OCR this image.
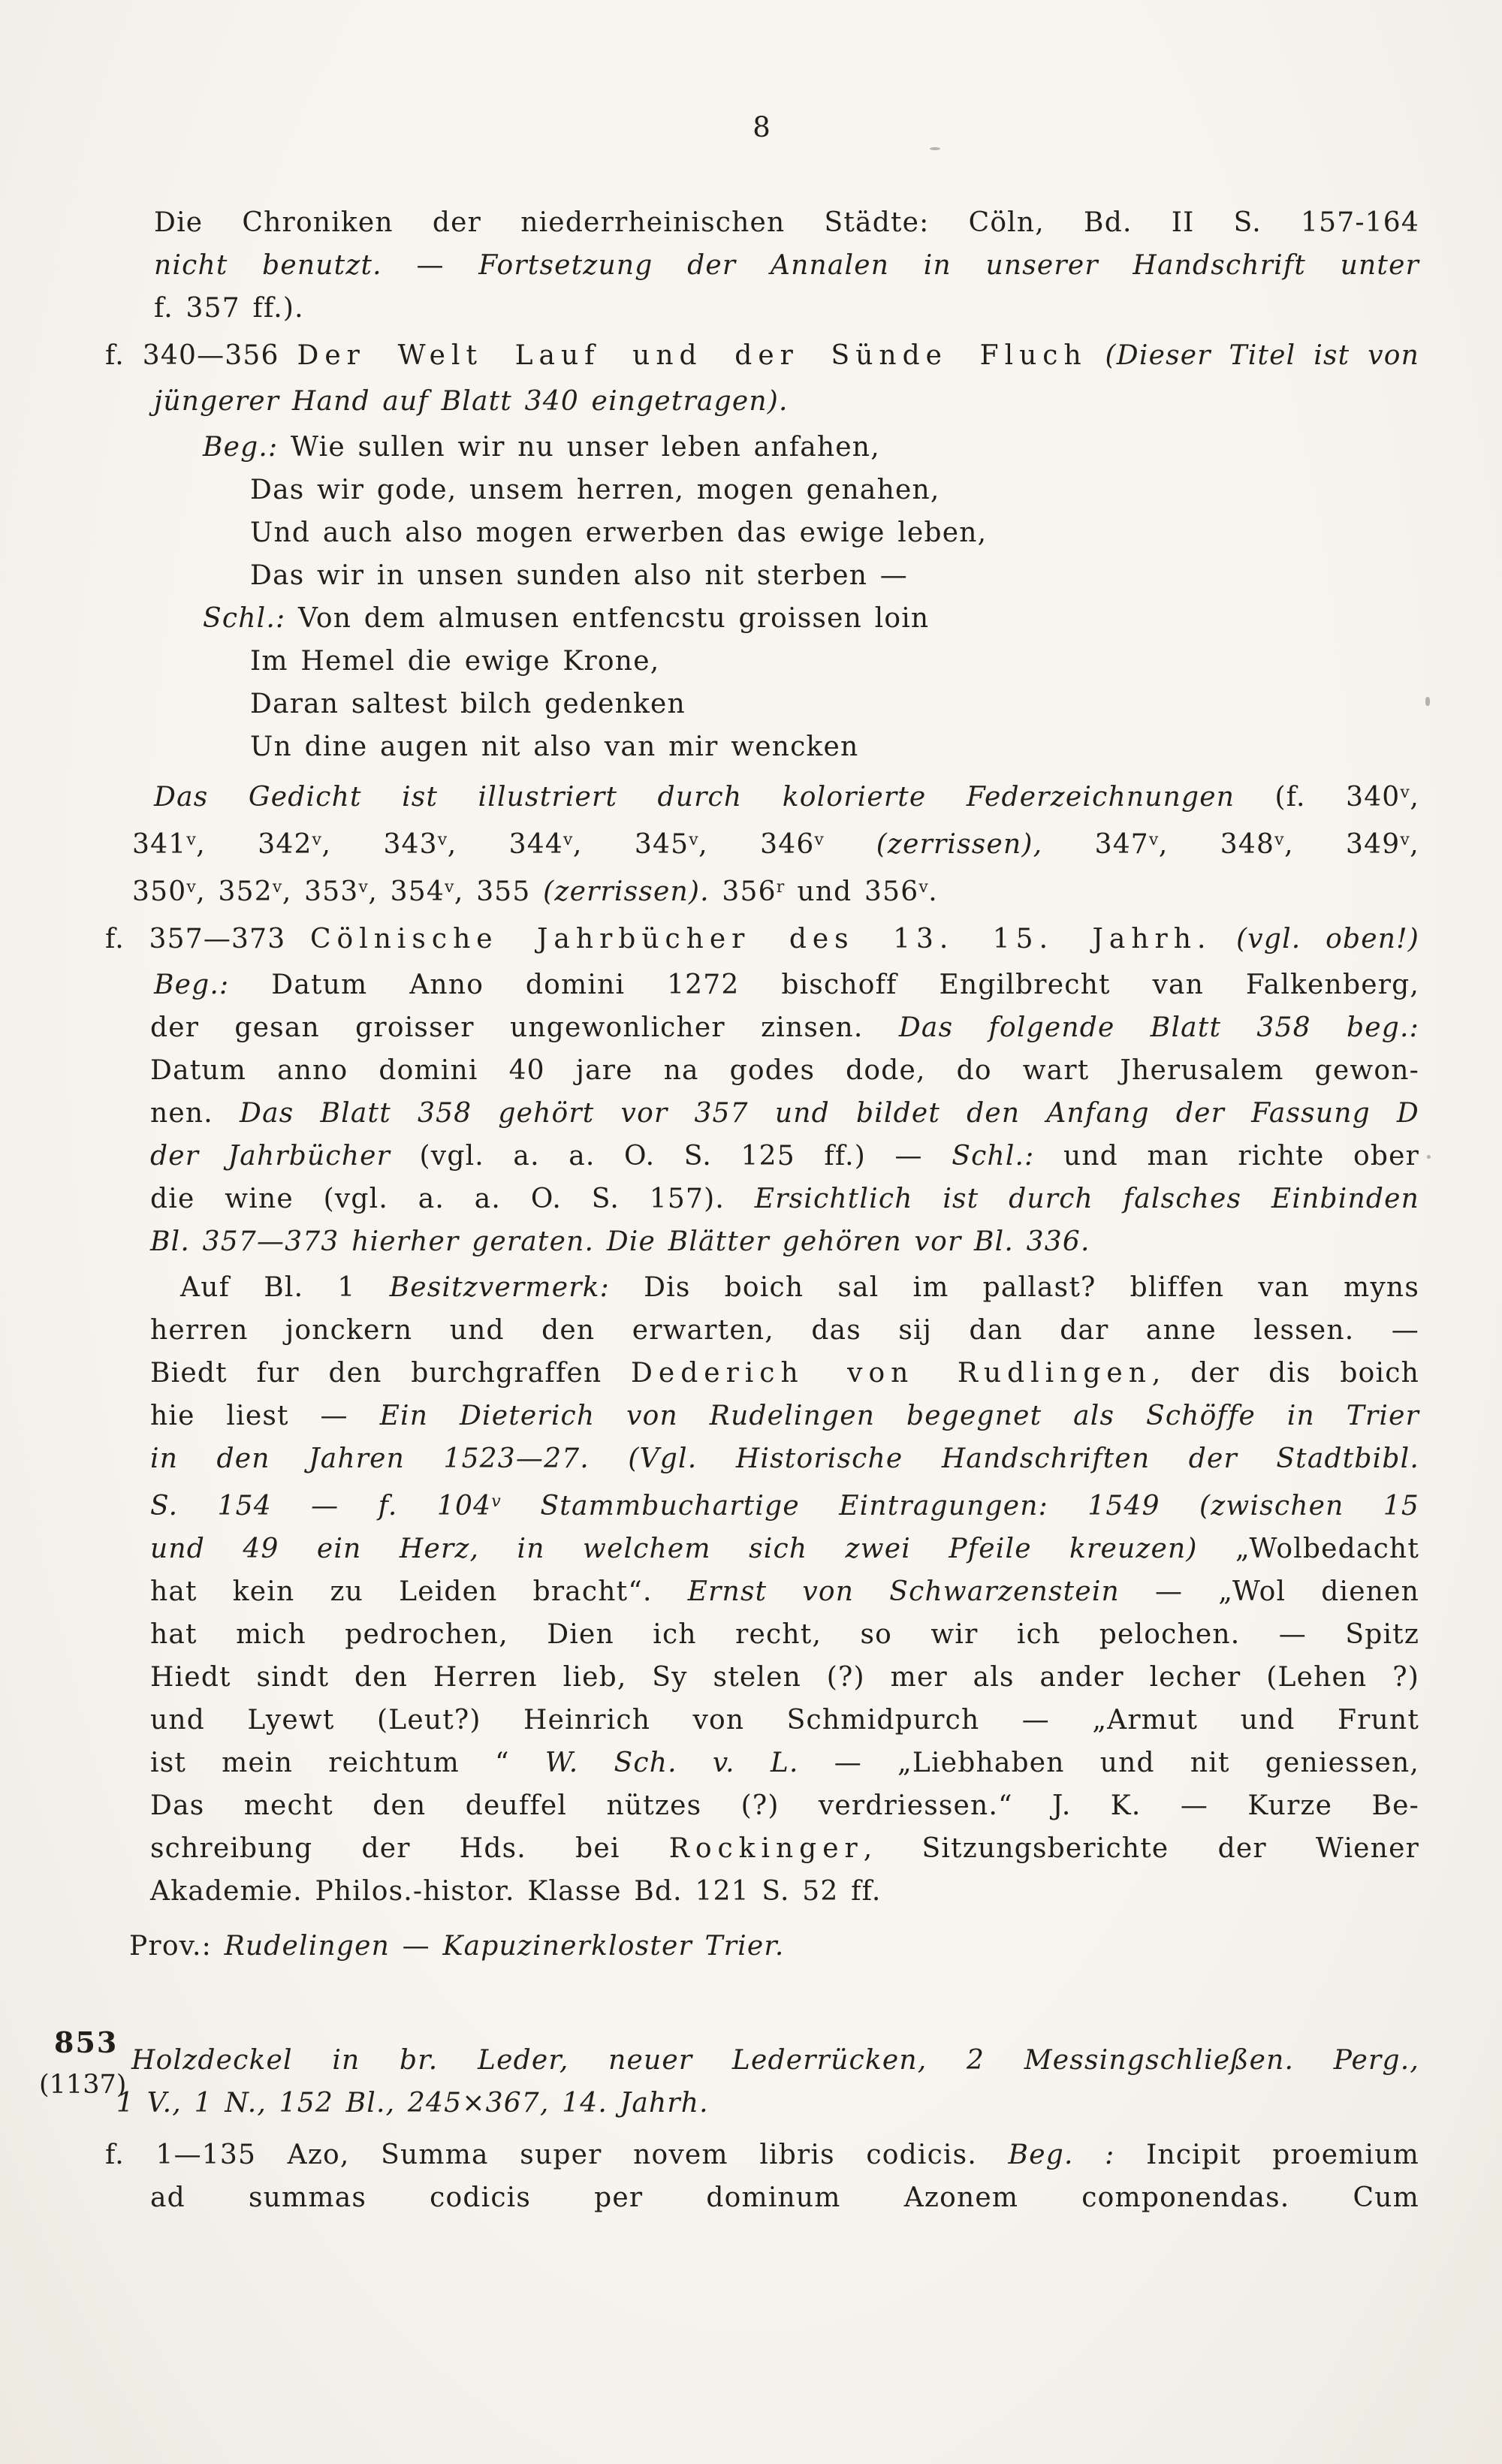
8
Die Chroniken der niederrheinischen Städte: Cöln, Bd. II S. 157-164
nicht benutzt. — Fortsetzung der Annalen in unserer Handschrift unter
f. 357 ff.).
f. 340—356 Der Welt Lauf und der Sünde Fluch (Dieser Titel ist von
jüngerer Hand auf Blatt 340 eingetragen).
Beg.: Wie sullen wir nu unser leben anfahen,
Das wir gode, unsem herren, mogen genahen,
Und auch also mogen erwerben das ewige leben,
Das wir in unsen sunden also nit sterben —
Schl.: Von dem almusen entfencstu groissen loin
Im Hemel die ewige Krone,
Daran saltest bilch gedenken
Un dine augen nit also van mir wencken
Das Gedicht ist illustriert durch kolorierte Federzeichnungen (f. 340$^v$,
341$^v$, 342$^v$, 343$^v$, 344$^v$, 345$^v$, 346$^v$ (zerrissen), 347$^v$, 348$^v$, 349$^v$,
350$^v$, 352$^v$, 353$^v$, 354$^v$, 355 (zerrissen). 356$^r$ und 356$^v$.
f. 357—373 Cölnische Jahrbücher des 13. 15. Jahrh. (vgl. oben!)
Beg.: Datum Anno domini 1272 bischoff Engilbrecht van Falkenberg,
der gesan groisser ungewonlicher zinsen. Das folgende Blatt 358 beg.:
Datum anno domini 40 jare na godes dode, do wart Jherusalem gewon-
nen. Das Blatt 358 gehört vor 357 und bildet den Anfang der Fassung D
der Jahrbücher (vgl. a. a. O. S. 125 ff.) — Schl.: und man richte ober
die wine (vgl. a. a. O. S. 157). Ersichtlich ist durch falsches Einbinden
Bl. 357—373 hierher geraten. Die Blätter gehören vor Bl. 336.
Auf Bl. 1 Besitzvermerk: Dis boich sal im pallast? bliffen van myns
herren jonckern und den erwarten, das sij dan dar anne lessen. —
Biedt fur den burchgraffen Dederich von Rudlingen, der dis boich
hie liest — Ein Dieterich von Rudelingen begegnet als Schöffe in Trier
in den Jahren 1523—27. (Vgl. Historische Handschriften der Stadtbibl.
S. 154 — f. 104$^v$ Stammbuchartige Eintragungen: 1549 (zwischen 15
und 49 ein Herz, in welchem sich zwei Pfeile kreuzen) „Wolbedacht
hat kein zu Leiden bracht“. Ernst von Schwarzenstein — „Wol dienen
hat mich pedrochen, Dien ich recht, so wir ich pelochen. — Spitz
Hiedt sindt den Herren lieb, Sy stelen (?) mer als ander lecher (Lehen ?)
und Lyewt (Leut?) Heinrich von Schmidpurch — „Armut und Frunt
ist mein reichtum “ W. Sch. v. L. — „Liebhaben und nit geniessen,
Das mecht den deuffel nützes (?) verdriessen.“ J. K. — Kurze Be-
schreibung der Hds. bei Rockinger, Sitzungsberichte der Wiener
Akademie. Philos.-histor. Klasse Bd. 121 S. 52 ff.
Prov.: Rudelingen — Kapuzinerkloster Trier.
Holzdeckel in br. Leder, neuer Lederrücken, 2 Messingschließen. Perg.,
1 V., 1 N., 152 Bl., 245×367, 14. Jahrh.
f. 1—135 Azo, Summa super novem libris codicis. Beg. : Incipit proemium
ad summas codicis per dominum Azonem componendas. Cum
853
(1137)
